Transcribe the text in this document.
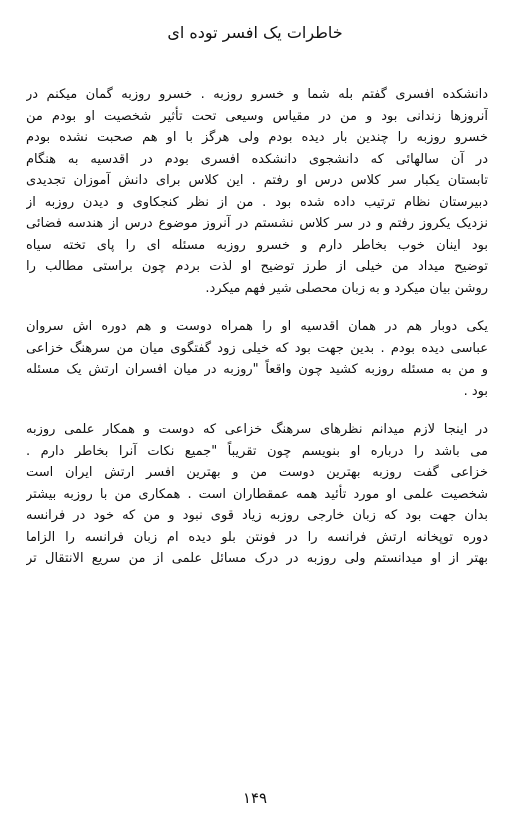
خاطرات یک افسر توده ای
دانشکده افسری گفتم بله شما و خسرو روزبه . خسرو روزبه گمان میکنم در
آنروزها زندانی بود و من در مقیاس وسیعی تحت تأثیر شخصیت او بودم من
خسرو روزبه را چندین بار دیده بودم ولی هرگز با او هم صحبت نشده بودم
در آن سالهائی که دانشجوی دانشکده افسری بودم در اقدسیه به هنگام
تابستان یکبار سر کلاس درس او رفتم . این کلاس برای دانش آموزان تجدیدی
دبیرستان نظام ترتیب داده شده بود . من از نظر کنجکاوی و دیدن روزبه از
نزدیک یکروز رفتم و در سر کلاس نشستم در آنروز موضوع درس از هندسه فضائی
بود اینان خوب بخاطر دارم و خسرو روزبه مسئله ای را پای تخته سیاه
توضیح میداد من خیلی از طرز توضیح او لذت بردم چون براستی مطالب را
روشن بیان میکرد و به زبان محصلی شیر فهم میکرد.
یکی دوبار هم در همان اقدسیه او را همراه دوست و هم دوره اش سروان
عباسی دیده بودم . بدین جهت بود که خیلی زود گفتگوی میان من سرهنگ خزاعی
و من به مسئله روزبه کشید چون واقعاً "روزبه در میان افسران ارتش یک مسئله
بود .
در اینجا لازم میدانم نظرهای سرهنگ خزاعی که دوست و همکار علمی روزبه
می باشد را درباره او بنویسم چون تقریباً "جمیع نکات آنرا بخاطر دارم .
خزاعی گفت روزبه بهترین دوست من و بهترین افسر ارتش ایران است
شخصیت علمی او مورد تأئید همه عمقطاران است . همکاری من با روزبه بیشتر
بدان جهت بود که زبان خارجی روزبه زیاد قوی نبود و من که خود در فرانسه
دوره توپخانه ارتش فرانسه را در فونتن بلو دیده ام زبان فرانسه را الزاما
بهتر از او میدانستم ولی روزبه در درک مسائل علمی از من سریع الانتقال تر
۱۴۹
